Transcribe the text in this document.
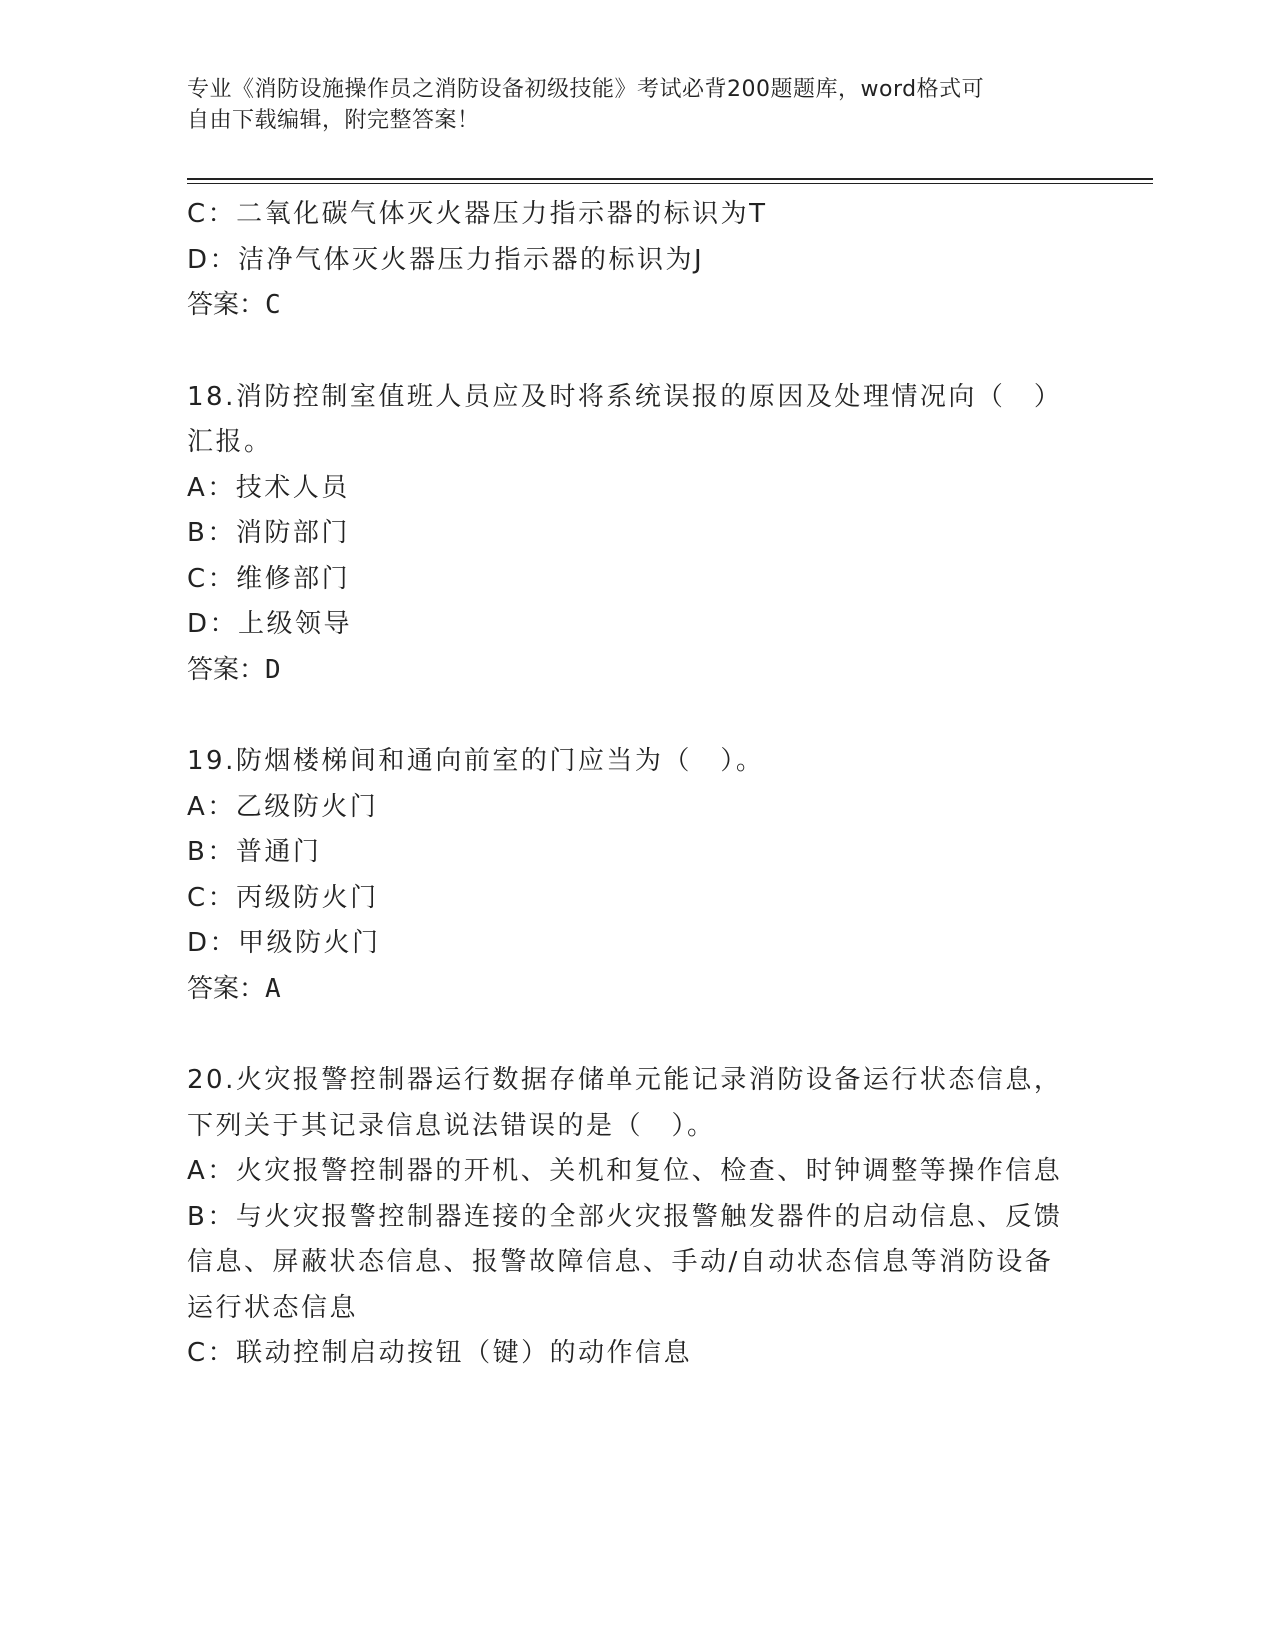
专业《消防设施操作员之消防设备初级技能》考试必背200题题库，word格式可
自由下载编辑，附完整答案！
C：二氧化碳气体灭火器压力指示器的标识为T
D：洁净气体灭火器压力指示器的标识为J
答案：C
18.消防控制室值班人员应及时将系统误报的原因及处理情况向（　）
汇报。
A：技术人员
B：消防部门
C：维修部门
D：上级领导
答案：D
19.防烟楼梯间和通向前室的门应当为（　）。
A：乙级防火门
B：普通门
C：丙级防火门
D：甲级防火门
答案：A
20.火灾报警控制器运行数据存储单元能记录消防设备运行状态信息，
下列关于其记录信息说法错误的是（　）。
A：火灾报警控制器的开机、关机和复位、检查、时钟调整等操作信息
B：与火灾报警控制器连接的全部火灾报警触发器件的启动信息、反馈
信息、屏蔽状态信息、报警故障信息、手动/自动状态信息等消防设备
运行状态信息
C：联动控制启动按钮（键）的动作信息
